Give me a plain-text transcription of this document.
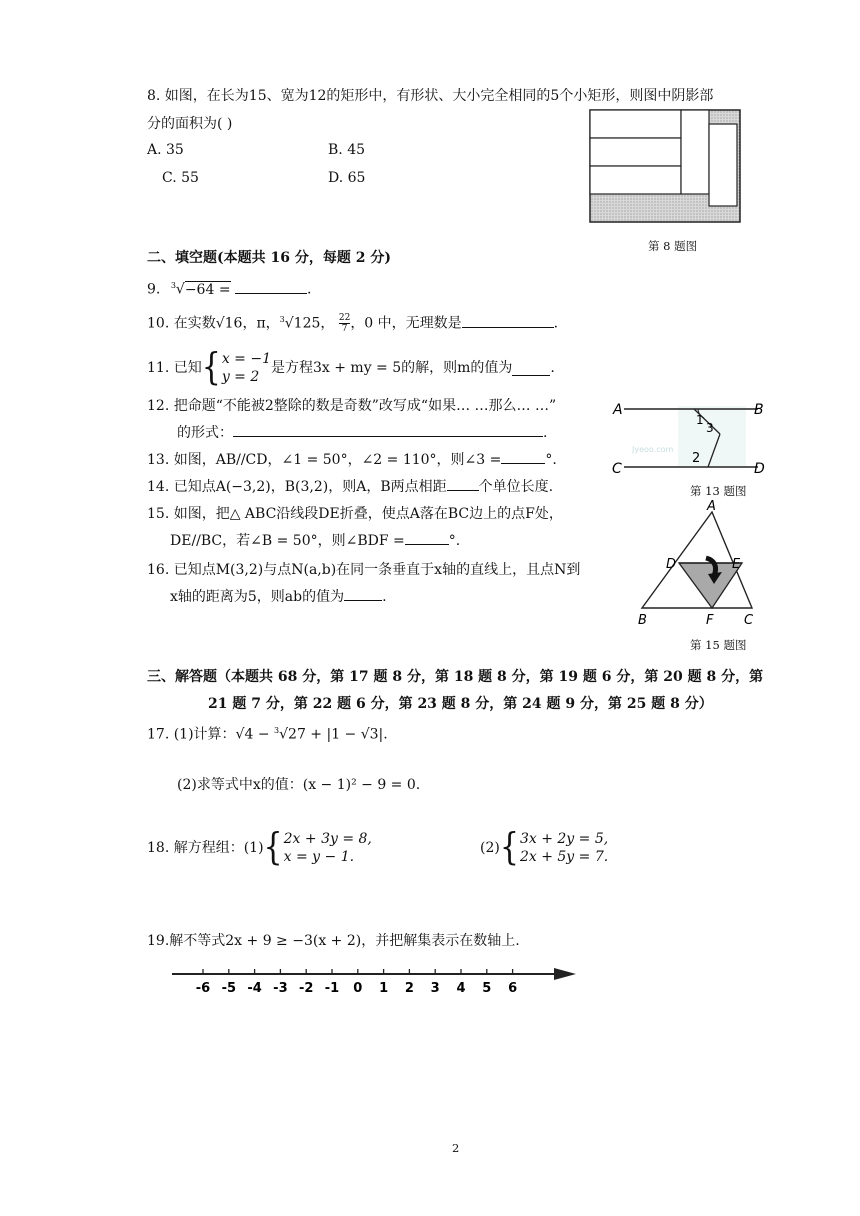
8. 如图，在长为15、宽为12的矩形中，有形状、大小完全相同的5个小矩形，则图中阴影部
分的面积为( )
A. 35	B. 45
C. 55	D. 65
第 8 题图
二、填空题(本题共 16 分，每题 2 分)
9. $^3$√−64 =	.
10. 在实数√16，π，$^3$√125， $\frac{22}{7}$ ，0 中，无理数是	.
11. 已知{ x = −1
y = 2
是方程3x + my = 5的解，则m的值为	.
12. 把命题“不能被2整除的数是奇数”改写成“如果… …那么… …”
的形式：	.
13. 如图，AB//CD，∠1 = 50°，∠2 = 110°，则∠3 =	°.
A	B
C	D
1
3
2
Jyeoo.com
第 13 题图
14. 已知点A(−3,2)，B(3,2)，则A，B两点相距 个单位长度.
15. 如图，把△ ABC沿线段DE折叠，使点A落在BC边上的点F处，
DE//BC，若∠B = 50°，则∠BDF =	°.
A
B	C
D	E
F
第 15 题图
16. 已知点M(3,2)与点N(a,b)在同一条垂直于x轴的直线上，且点N到
x轴的距离为5，则ab的值为	.
三、解答题（本题共 68 分，第 17 题 8 分，第 18 题 8 分，第 19 题 6 分，第 20 题 8 分，第
21 题 7 分，第 22 题 6 分，第 23 题 8 分，第 24 题 9 分，第 25 题 8 分）
17. (1)计算：√4 − $^3$√27 + |1 − √3|.
(2)求等式中x的值：(x − 1)² − 9 = 0.
18. 解方程组：(1){ 2x + 3y = 8,
x = y − 1.
(2){ 3x + 2y = 5,
2x + 5y = 7.
19.解不等式2x + 9 ≥ −3(x + 2)，并把解集表示在数轴上.
-6 -5 -4 -3 -2 -1 0 1 2 3 4 5 6
2
